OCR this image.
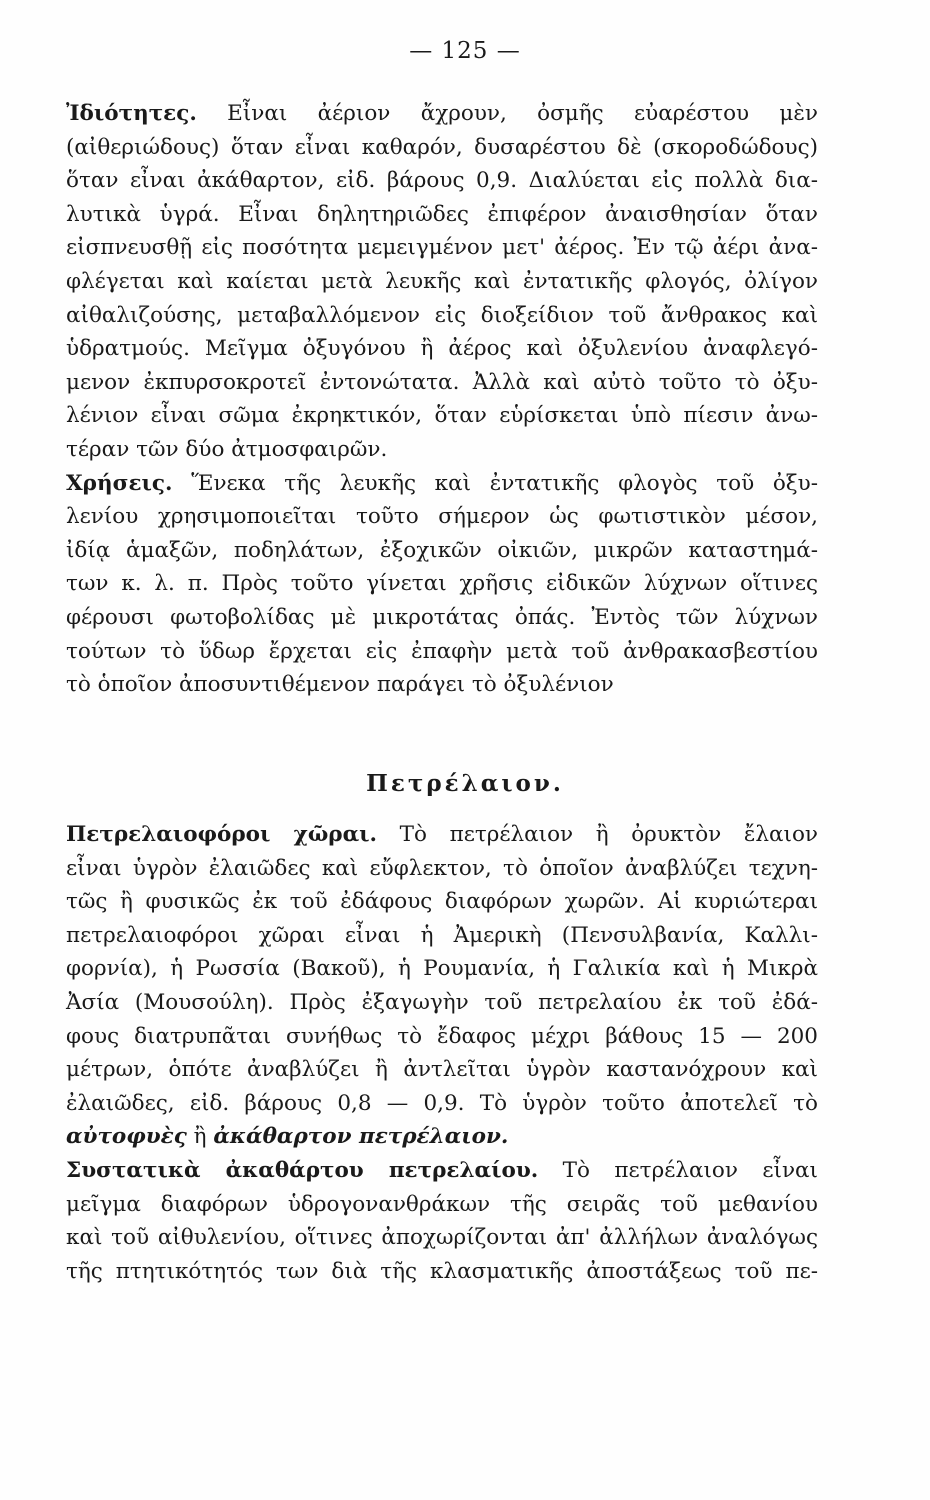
— 125 —
Ἰδιότητες. Εἶναι ἀέριον ἄχρουν, ὀσμῆς εὐαρέστου μὲν
(αἰθεριώδους) ὅταν εἶναι καθαρόν, δυσαρέστου δὲ (σκοροδώδους)
ὅταν εἶναι ἀκάθαρτον, εἰδ. βάρους 0,9. Διαλύεται εἰς πολλὰ δια-
λυτικὰ ὑγρά. Εἶναι δηλητηριῶδες ἐπιφέρον ἀναισθησίαν ὅταν
εἰσπνευσθῇ εἰς ποσότητα μεμειγμένον μετ' ἀέρος. Ἐν τῷ ἀέρι ἀνα-
φλέγεται καὶ καίεται μετὰ λευκῆς καὶ ἐντατικῆς φλογός, ὀλίγον
αἰθαλιζούσης, μεταβαλλόμενον εἰς διοξείδιον τοῦ ἄνθρακος καὶ
ὑδρατμούς. Μεῖγμα ὀξυγόνου ἢ ἀέρος καὶ ὀξυλενίου ἀναφλεγό-
μενον ἐκπυρσοκροτεῖ ἐντονώτατα. Ἀλλὰ καὶ αὐτὸ τοῦτο τὸ ὀξυ-
λένιον εἶναι σῶμα ἐκρηκτικόν, ὅταν εὑρίσκεται ὑπὸ πίεσιν ἀνω-
τέραν τῶν δύο ἀτμοσφαιρῶν.
Χρήσεις. Ἕνεκα τῆς λευκῆς καὶ ἐντατικῆς φλογὸς τοῦ ὀξυ-
λενίου χρησιμοποιεῖται τοῦτο σήμερον ὡς φωτιστικὸν μέσον,
ἰδίᾳ ἁμαξῶν, ποδηλάτων, ἐξοχικῶν οἰκιῶν, μικρῶν καταστημά-
των κ. λ. π. Πρὸς τοῦτο γίνεται χρῆσις εἰδικῶν λύχνων οἵτινες
φέρουσι φωτοβολίδας μὲ μικροτάτας ὀπάς. Ἐντὸς τῶν λύχνων
τούτων τὸ ὕδωρ ἔρχεται εἰς ἐπαφὴν μετὰ τοῦ ἀνθρακασβεστίου
τὸ ὁποῖον ἀποσυντιθέμενον παράγει τὸ ὀξυλένιον
Πετρέλαιον.
Πετρελαιοφόροι χῶραι. Τὸ πετρέλαιον ἢ ὀρυκτὸν ἔλαιον
εἶναι ὑγρὸν ἐλαιῶδες καὶ εὔφλεκτον, τὸ ὁποῖον ἀναβλύζει τεχνη-
τῶς ἢ φυσικῶς ἐκ τοῦ ἐδάφους διαφόρων χωρῶν. Αἱ κυριώτεραι
πετρελαιοφόροι χῶραι εἶναι ἡ Ἀμερικὴ (Πενσυλβανία, Καλλι-
φορνία), ἡ Ρωσσία (Βακοῦ), ἡ Ρουμανία, ἡ Γαλικία καὶ ἡ Μικρὰ
Ἀσία (Μουσούλη). Πρὸς ἐξαγωγὴν τοῦ πετρελαίου ἐκ τοῦ ἐδά-
φους διατρυπᾶται συνήθως τὸ ἔδαφος μέχρι βάθους 15 — 200
μέτρων, ὁπότε ἀναβλύζει ἢ ἀντλεῖται ὑγρὸν καστανόχρουν καὶ
ἐλαιῶδες, εἰδ. βάρους 0,8 — 0,9. Τὸ ὑγρὸν τοῦτο ἀποτελεῖ τὸ
αὐτοφυὲς ἢ ἀκάθαρτον πετρέλαιον.
Συστατικὰ ἀκαθάρτου πετρελαίου. Τὸ πετρέλαιον εἶναι
μεῖγμα διαφόρων ὑδρογονανθράκων τῆς σειρᾶς τοῦ μεθανίου
καὶ τοῦ αἰθυλενίου, οἵτινες ἀποχωρίζονται ἀπ' ἀλλήλων ἀναλόγως
τῆς πτητικότητός των διὰ τῆς κλασματικῆς ἀποστάξεως τοῦ πε-
